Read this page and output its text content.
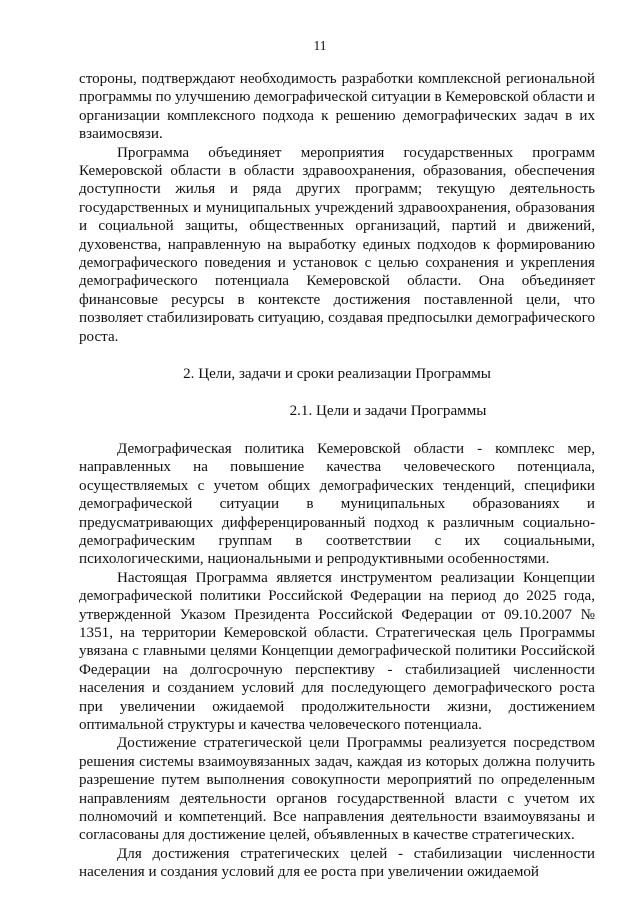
11

стороны, подтверждают необходимость разработки комплексной региональной программы по улучшению демографической ситуации в Кемеровской области и организации комплексного подхода к решению демографических задач в их взаимосвязи.

Программа объединяет мероприятия государственных программ Кемеровской области в области здравоохранения, образования, обеспечения доступности жилья и ряда других программ; текущую деятельность государственных и муниципальных учреждений здравоохранения, образования и социальной защиты, общественных организаций, партий и движений, духовенства, направленную на выработку единых подходов к формированию демографического поведения и установок с целью сохранения и укрепления демографического потенциала Кемеровской области. Она объединяет финансовые ресурсы в контексте достижения поставленной цели, что позволяет стабилизировать ситуацию, создавая предпосылки демографического роста.

2. Цели, задачи и сроки реализации Программы
2.1. Цели и задачи Программы

Демографическая политика Кемеровской области - комплекс мер, направленных на повышение качества человеческого потенциала, осуществляемых с учетом общих демографических тенденций, специфики демографической ситуации в муниципальных образованиях и предусматривающих дифференцированный подход к различным социально-демографическим группам в соответствии с их социальными, психологическими, национальными и репродуктивными особенностями.

Настоящая Программа является инструментом реализации Концепции демографической политики Российской Федерации на период до 2025 года, утвержденной Указом Президента Российской Федерации от 09.10.2007 № 1351, на территории Кемеровской области. Стратегическая цель Программы увязана с главными целями Концепции демографической политики Российской Федерации на долгосрочную перспективу - стабилизацией численности населения и созданием условий для последующего демографического роста при увеличении ожидаемой продолжительности жизни, достижением оптимальной структуры и качества человеческого потенциала.

Достижение стратегической цели Программы реализуется посредством решения системы взаимоувязанных задач, каждая из которых должна получить разрешение путем выполнения совокупности мероприятий по определенным направлениям деятельности органов государственной власти с учетом их полномочий и компетенций. Все направления деятельности взаимоувязаны и согласованы для достижение целей, объявленных в качестве стратегических.

Для достижения стратегических целей - стабилизации численности населения и создания условий для ее роста при увеличении ожидаемой
